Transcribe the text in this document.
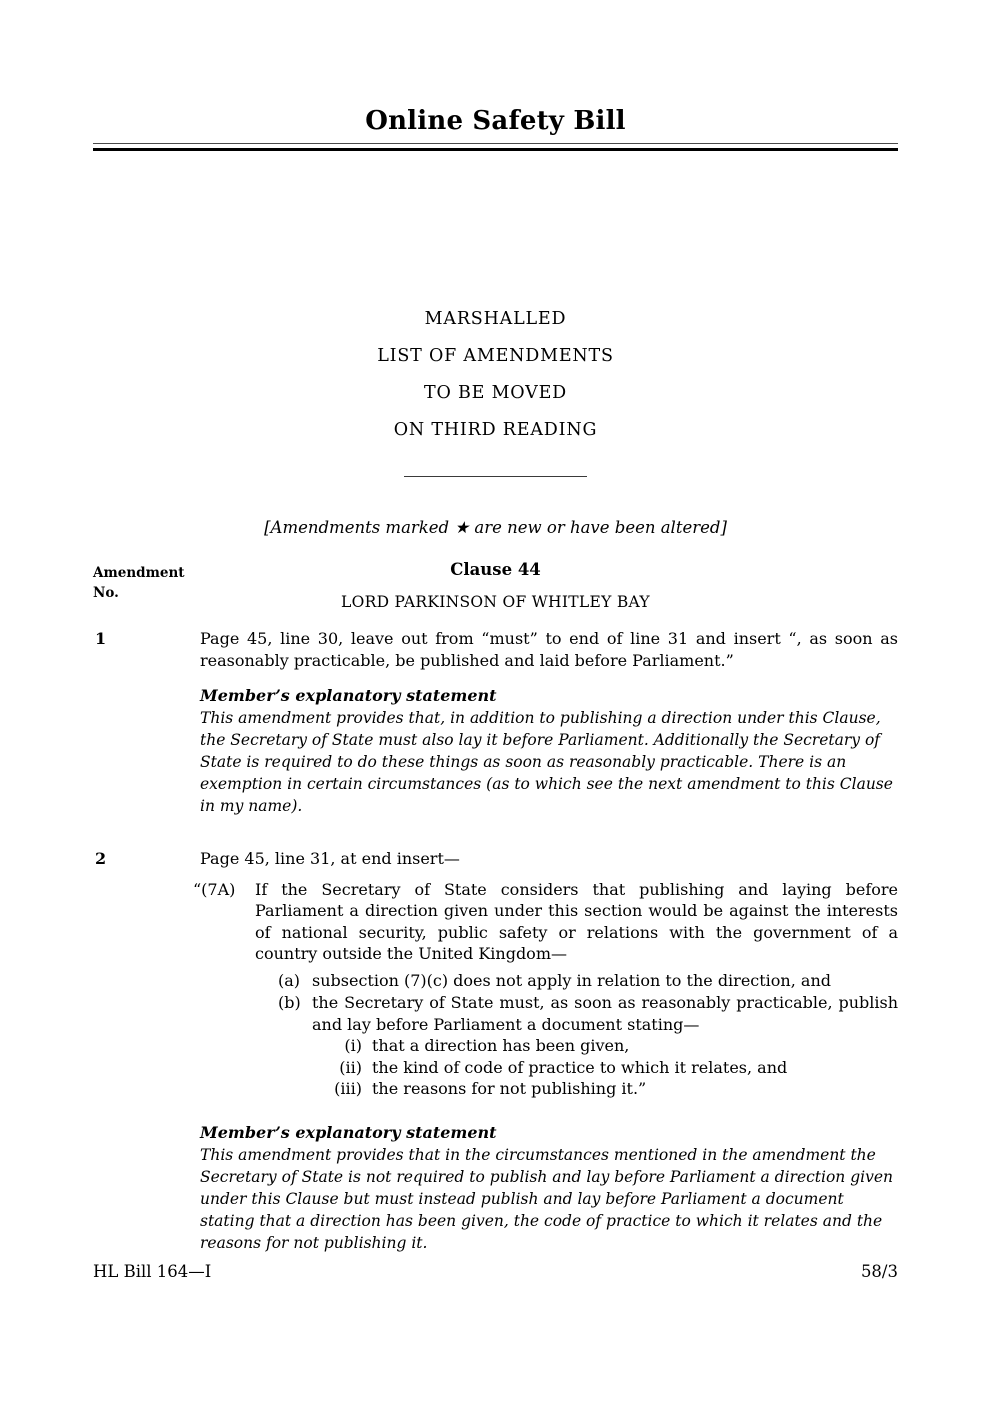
Online Safety Bill
MARSHALLED
LIST OF AMENDMENTS
TO BE MOVED
ON THIRD READING
[Amendments marked ★ are new or have been altered]
Amendment No.
Clause 44
LORD PARKINSON OF WHITLEY BAY
1	Page 45, line 30, leave out from “must” to end of line 31 and insert “, as soon as reasonably practicable, be published and laid before Parliament.”
Member’s explanatory statement
This amendment provides that, in addition to publishing a direction under this Clause, the Secretary of State must also lay it before Parliament. Additionally the Secretary of State is required to do these things as soon as reasonably practicable. There is an exemption in certain circumstances (as to which see the next amendment to this Clause in my name).
2	Page 45, line 31, at end insert—
“(7A) If the Secretary of State considers that publishing and laying before Parliament a direction given under this section would be against the interests of national security, public safety or relations with the government of a country outside the United Kingdom—
(a) subsection (7)(c) does not apply in relation to the direction, and
(b) the Secretary of State must, as soon as reasonably practicable, publish and lay before Parliament a document stating—
(i) that a direction has been given,
(ii) the kind of code of practice to which it relates, and
(iii) the reasons for not publishing it.”
Member’s explanatory statement
This amendment provides that in the circumstances mentioned in the amendment the Secretary of State is not required to publish and lay before Parliament a direction given under this Clause but must instead publish and lay before Parliament a document stating that a direction has been given, the code of practice to which it relates and the reasons for not publishing it.
HL Bill 164—I	58/3
